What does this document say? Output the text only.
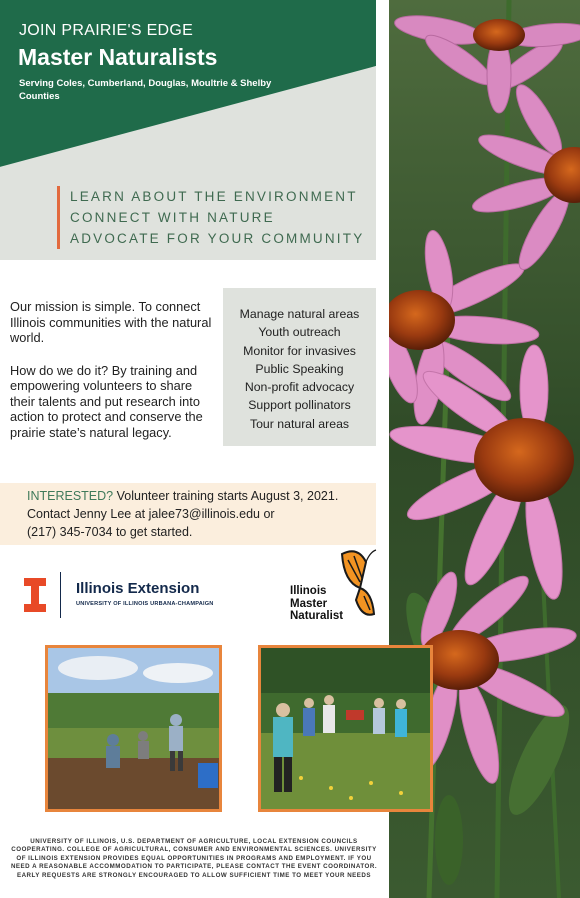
JOIN PRAIRIE'S EDGE
Master Naturalists
Serving Coles, Cumberland, Douglas, Moultrie & Shelby Counties
LEARN ABOUT THE ENVIRONMENT
CONNECT WITH NATURE
ADVOCATE FOR YOUR COMMUNITY

Our mission is simple. To connect Illinois communities with the natural world.

How do we do it? By training and empowering volunteers to share their talents and put research into action to protect and conserve the prairie state’s natural legacy.

Manage natural areas
Youth outreach
Monitor for invasives
Public Speaking
Non-profit advocacy
Support pollinators
Tour natural areas
INTERESTED? Volunteer training starts August 3, 2021.
Contact Jenny Lee at jalee73@illinois.edu or
(217) 345-7034 to get started.
Illinois Extension
UNIVERSITY OF ILLINOIS URBANA-CHAMPAIGN
Illinois
Master
Naturalist
UNIVERSITY OF ILLINOIS, U.S. DEPARTMENT OF AGRICULTURE, LOCAL EXTENSION COUNCILS COOPERATING. COLLEGE OF AGRICULTURAL, CONSUMER AND ENVIRONMENTAL SCIENCES. UNIVERSITY OF ILLINOIS EXTENSION PROVIDES EQUAL OPPORTUNITIES IN PROGRAMS AND EMPLOYMENT. IF YOU NEED A REASONABLE ACCOMMODATION TO PARTICIPATE, PLEASE CONTACT THE EVENT COORDINATOR. EARLY REQUESTS ARE STRONGLY ENCOURAGED TO ALLOW SUFFICIENT TIME TO MEET YOUR NEEDS
